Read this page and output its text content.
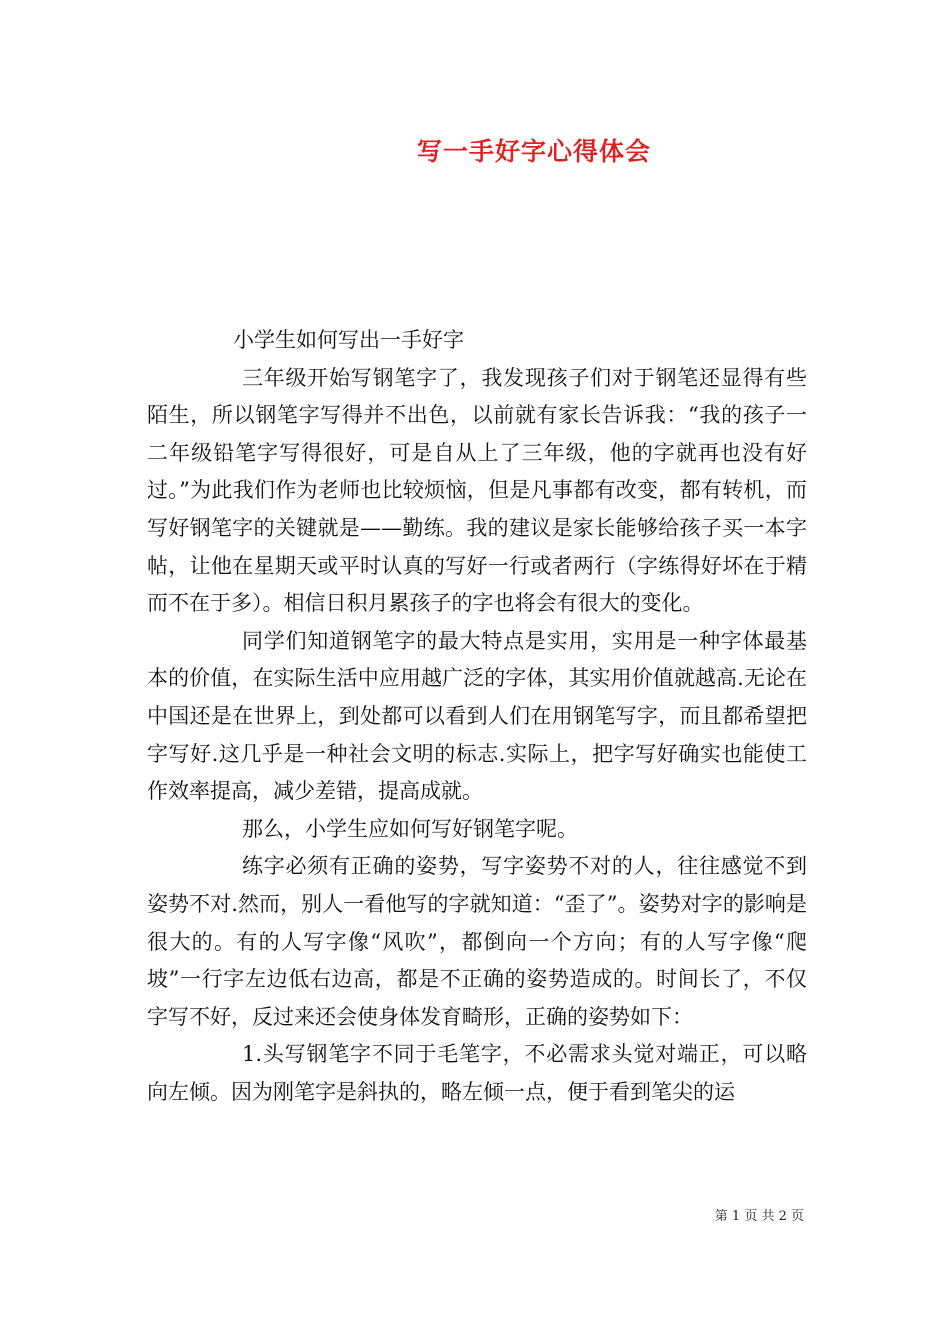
写一手好字心得体会

小学生如何写出一手好字

三年级开始写钢笔字了，我发现孩子们对于钢笔还显得有些陌生，所以钢笔字写得并不出色，以前就有家长告诉我：“我的孩子一二年级铅笔字写得很好，可是自从上了三年级，他的字就再也没有好过。”为此我们作为老师也比较烦恼，但是凡事都有改变，都有转机，而写好钢笔字的关键就是——勤练。我的建议是家长能够给孩子买一本字帖，让他在星期天或平时认真的写好一行或者两行（字练得好坏在于精而不在于多）。相信日积月累孩子的字也将会有很大的变化。

同学们知道钢笔字的最大特点是实用，实用是一种字体最基本的价值，在实际生活中应用越广泛的字体，其实用价值就越高.无论在中国还是在世界上，到处都可以看到人们在用钢笔写字，而且都希望把字写好.这几乎是一种社会文明的标志.实际上，把字写好确实也能使工作效率提高，减少差错，提高成就。

那么，小学生应如何写好钢笔字呢。

练字必须有正确的姿势，写字姿势不对的人，往往感觉不到姿势不对.然而，别人一看他写的字就知道：“歪了”。姿势对字的影响是很大的。有的人写字像“风吹”，都倒向一个方向；有的人写字像“爬坡”一行字左边低右边高，都是不正确的姿势造成的。时间长了，不仅字写不好，反过来还会使身体发育畸形，正确的姿势如下：

1.头写钢笔字不同于毛笔字，不必需求头觉对端正，可以略向左倾。因为刚笔字是斜执的，略左倾一点，便于看到笔尖的运

第 1 页 共 2 页
